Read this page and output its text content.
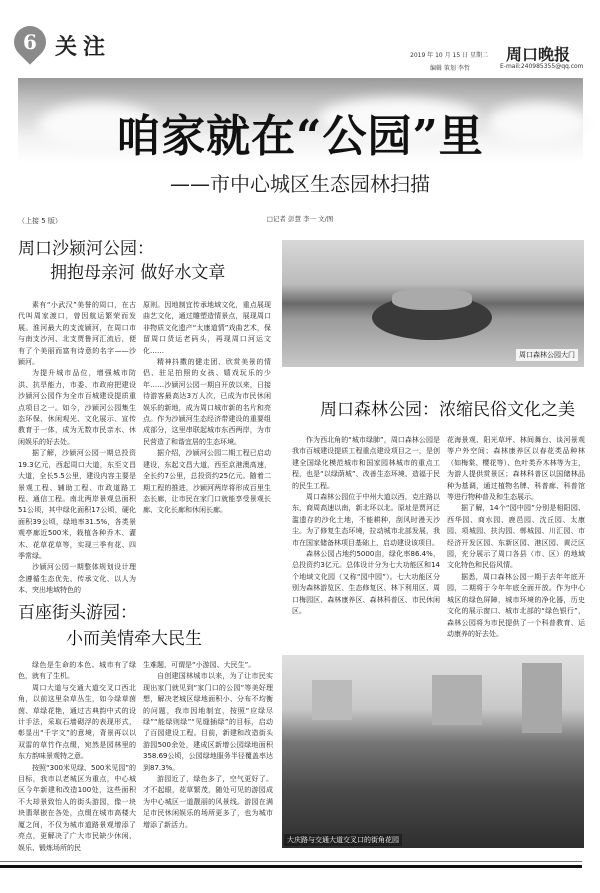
6 关注	2019 年 10 月 15 日 星期二 周口晚报
编辑 策划 李哲	E-mail:240985355@qq.com
咱家就在“公园”里
——市中心城区生态园林扫描
□记者 彭慧 李一 文/图
（上接 5 版）
周口沙颍河公园：
拥抱母亲河 做好水文章

素有“小武汉”美誉的周口，在古代叫周家渡口，曾因航运繁荣而发展。淮河最大的支流颍河，在周口市与南支沙河、北支贾鲁河汇流后，便有了个美丽而富有诗意的名字——沙颍河。

为提升城市品位，增强城市防洪、抗旱能力，市委、市政府把建设沙颍河公园作为全市百城建设提质重点项目之一。如今，沙颍河公园集生态环保、休闲观光、文化展示、宣传教育于一体，成为无数市民亲水、休闲娱乐的好去处。

据了解，沙颍河公园一期总投资19.3亿元，西起周口大道，东至文昌大道，全长5.5公里，建设内容主要是景观工程、辅助工程、市政道路工程、通信工程。南北两岸景观总面积51公顷，其中绿化面积17公顷，硬化面积39公顷，绿地率31.5%，各类景观亭廊近500米，栽植各种乔木、灌木、花草花草等，实现三季有花、四季常绿。

沙颍河公园一期整体规划设计理念遵循生态优先、传承文化、以人为本、突出地域特色的

原则。因地制宜传承地域文化，重点展现曲艺文化，通过雕塑造情景点，展现周口非物质文化遗产“太康道情”戏曲艺术，保留周口货运老码头，再现周口河运文化……

精神抖擞的健走团、欣赏美景的情侣、驻足拍照的女孩、嬉戏玩乐的少年……沙颍河公园一期自开放以来，日接待游客最高达3万人次，已成为市民休闲娱乐的新地，成为周口城市新的名片和亮点。作为沙颍河生态经济带建设的重要组成部分，这里串联起城市东西两岸，为市民营造了和谐宜居的生态环境。

据介绍，沙颍河公园二期工程已启动建设，东起文昌大道，西至京港澳高速，全长约7公里，总投资约25亿元。随着二期工程的推进，沙颍河两岸将形成百里生态长廊，让市民在家门口就能享受景观长廊、文化长廊和休闲长廊。

周口森林公园大门
周口森林公园：浓缩民俗文化之美

作为西北角的“城市绿肺”，周口森林公园是我市百城建设提质工程重点建设项目之一，是创建全国绿化模范城市和国家园林城市的重点工程，也是“以绿荫城”、改善生态环境、造福于民的民生工程。

周口森林公园位于中州大道以西，克庄路以东，商周高速以南，新北环以北。原址是贾河泛滥遗存的沙化土地，不能耕种，刮风时漫天沙尘。为了修复生态环境，拉动城市北部发展，我市在国家储备林项目基础上，启动建设该项目。

森林公园占地约5000亩，绿化率86.4%，总投资约3亿元。总体设计分为七大功能区和14个地域文化园（又称“园中园”）。七大功能区分别为森林游览区、生态修复区、林下利用区、周口梅园区、森林康养区、森林科普区、市民休闲区。

花海景观、阳光草坪、林间舞台、谈河景观等户外空间；森林康养区以春花类品种林（如梅棠、樱花等）、色叶类乔木林等为主，为游人提供赏景区；森林科普区以国储林品种为基调，通过植物名牌、科普廊、科普馆等进行物种普及和生态展示。

据了解，14个“园中园”分别是相阳园、西华园、商水园、鹿邑园、沈丘园、太康园、项城园、扶沟园、郸城园、川汇园、市经济开发区园、东新区园、港区园、黄泛区园，充分展示了周口各县（市、区）的地域文化特色和民俗风情。

据悉，周口森林公园一期于去年年底开园，二期将于今年年底全面开放。作为中心城区的绿色屏障，城市环境的净化器，历史文化的展示窗口、城市北部的“绿色银行”，森林公园将为市民提供了一个科普教育、运动康养的好去处。

百座街头游园：
小而美情牵大民生

绿色是生命的本色。城市有了绿色，就有了生机。

周口大道与交通大道交叉口西北角，以前这里杂草丛生，如今绿草茵茵、草绿花艳，通过古典韵中式的设计手法，采取石墙砌浮的表现形式，彰显出“千字文”的意境，背景再以以双雷的草竹作点缀，宛然是园林里的东方韵味景观特之意。

按照“300米见绿、500米见园”的目标，我市以老城区为重点，中心城区今年新建和改造100处，这些面积不大却景致怡人的街头游园，像一块块翡翠嵌在各处，点缀在城市高楼大厦之间，不仅为城市道路景观增添了亮点，更解决了广大市民缺少休闲、娱乐、锻炼场所的民

生难题，可谓是“小游园、大民生”。

自创建国林城市以来，为了让市民实现出家门就见到“家门口的公园”等美好理想，解决老城区绿地面积小、分布不均衡的问题，我市因地制宜，按照“应绿尽绿”“能绿则绿”“见缝插绿”的目标，启动了百园建设工程。目前，新建和改造街头游园500余处，建成区新增公园绿地面积358.69公顷，公园绿地服务半径覆盖率达到87.3%。

游园近了，绿色多了，空气更好了。才不起眼，花草繁茂，随处可见的游园成为中心城区一道靓丽的风景线。游园在满足市民休闲娱乐的场所更多了，也为城市增添了新活力。

大庆路与交通大道交叉口的街角花园
